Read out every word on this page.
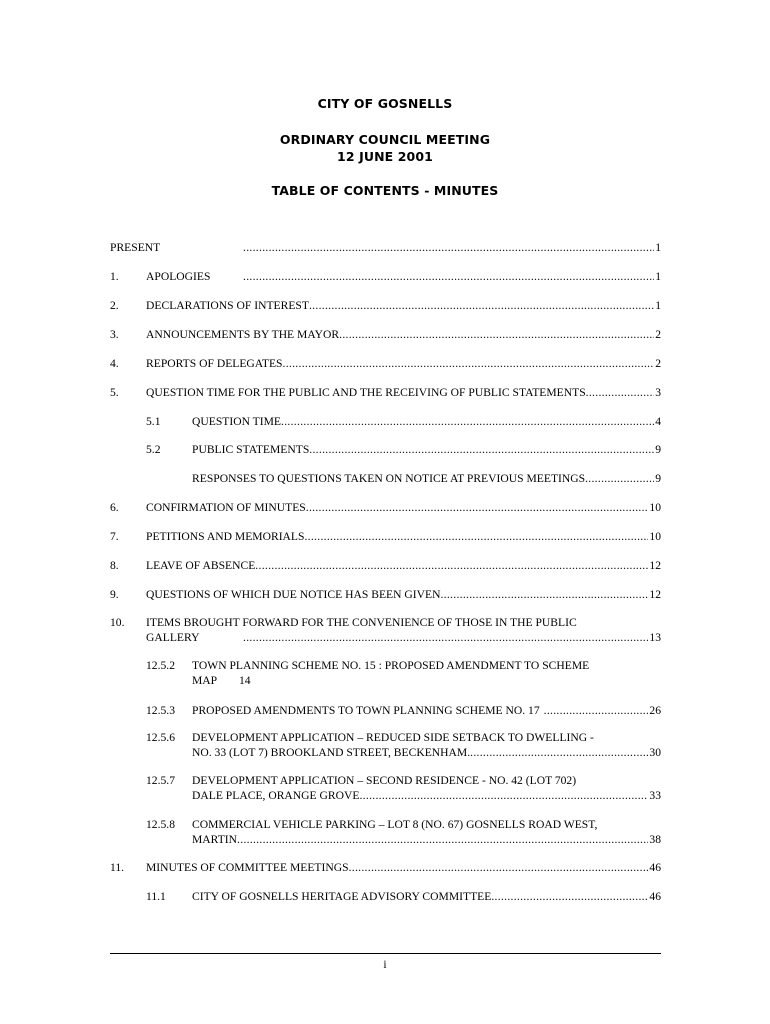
CITY OF GOSNELLS
ORDINARY COUNCIL MEETING
12 JUNE 2001
TABLE OF CONTENTS - MINUTES
PRESENT .....	1
1. APOLOGIES .....	1
2. DECLARATIONS OF INTEREST .....	1
3. ANNOUNCEMENTS BY THE MAYOR .....	2
4. REPORTS OF DELEGATES .....	2
5. QUESTION TIME FOR THE PUBLIC AND THE RECEIVING OF PUBLIC STATEMENTS .....	3
5.1	QUESTION TIME .....	4
5.2	PUBLIC STATEMENTS .....	9
RESPONSES TO QUESTIONS TAKEN ON NOTICE AT PREVIOUS MEETINGS .....	9
6. CONFIRMATION OF MINUTES .....	10
7. PETITIONS AND MEMORIALS .....	10
8. LEAVE OF ABSENCE .....	12
9. QUESTIONS OF WHICH DUE NOTICE HAS BEEN GIVEN .....	12
10. ITEMS BROUGHT FORWARD FOR THE CONVENIENCE OF THOSE IN THE PUBLIC
GALLERY .....	13
12.5.2 TOWN PLANNING SCHEME NO. 15 : PROPOSED AMENDMENT TO SCHEME
MAP 14
12.5.3 PROPOSED AMENDMENTS TO TOWN PLANNING SCHEME NO. 17 .....	26
12.5.6 DEVELOPMENT APPLICATION – REDUCED SIDE SETBACK TO DWELLING -
NO. 33 (LOT 7) BROOKLAND STREET, BECKENHAM. .....	30
12.5.7 DEVELOPMENT APPLICATION – SECOND RESIDENCE - NO. 42 (LOT 702)
DALE PLACE, ORANGE GROVE .....	33
12.5.8 COMMERCIAL VEHICLE PARKING – LOT 8 (NO. 67) GOSNELLS ROAD WEST,
MARTIN .....	38
11. MINUTES OF COMMITTEE MEETINGS .....	46
11.1 CITY OF GOSNELLS HERITAGE ADVISORY COMMITTEE .....	46
i
